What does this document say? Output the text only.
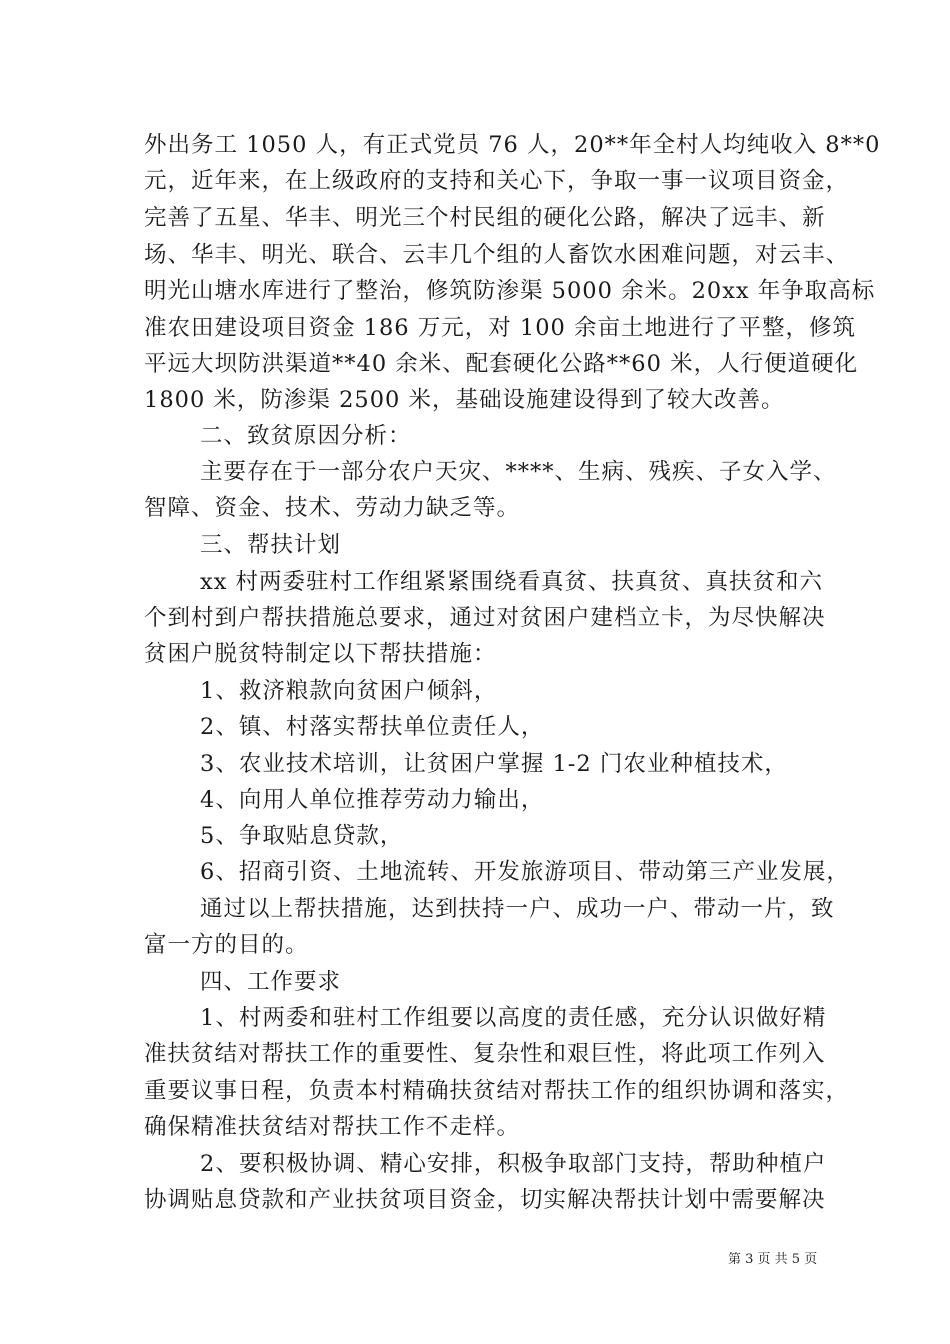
外出务工 1050 人，有正式党员 76 人，20**年全村人均纯收入 8**0
元，近年来，在上级政府的支持和关心下，争取一事一议项目资金，
完善了五星、华丰、明光三个村民组的硬化公路，解决了远丰、新
场、华丰、明光、联合、云丰几个组的人畜饮水困难问题，对云丰、
明光山塘水库进行了整治，修筑防渗渠 5000 余米。20xx 年争取高标
准农田建设项目资金 186 万元，对 100 余亩土地进行了平整，修筑
平远大坝防洪渠道**40 余米、配套硬化公路**60 米，人行便道硬化
1800 米，防渗渠 2500 米，基础设施建设得到了较大改善。
二、致贫原因分析：
主要存在于一部分农户天灾、****、生病、残疾、子女入学、
智障、资金、技术、劳动力缺乏等。
三、帮扶计划
xx 村两委驻村工作组紧紧围绕看真贫、扶真贫、真扶贫和六
个到村到户帮扶措施总要求，通过对贫困户建档立卡，为尽快解决
贫困户脱贫特制定以下帮扶措施：
1、救济粮款向贫困户倾斜，
2、镇、村落实帮扶单位责任人，
3、农业技术培训，让贫困户掌握 1-2 门农业种植技术，
4、向用人单位推荐劳动力输出，
5、争取贴息贷款，
6、招商引资、土地流转、开发旅游项目、带动第三产业发展，
通过以上帮扶措施，达到扶持一户、成功一户、带动一片，致
富一方的目的。
四、工作要求
1、村两委和驻村工作组要以高度的责任感，充分认识做好精
准扶贫结对帮扶工作的重要性、复杂性和艰巨性，将此项工作列入
重要议事日程，负责本村精确扶贫结对帮扶工作的组织协调和落实，
确保精准扶贫结对帮扶工作不走样。
2、要积极协调、精心安排，积极争取部门支持，帮助种植户
协调贴息贷款和产业扶贫项目资金，切实解决帮扶计划中需要解决
第 3 页 共 5 页
